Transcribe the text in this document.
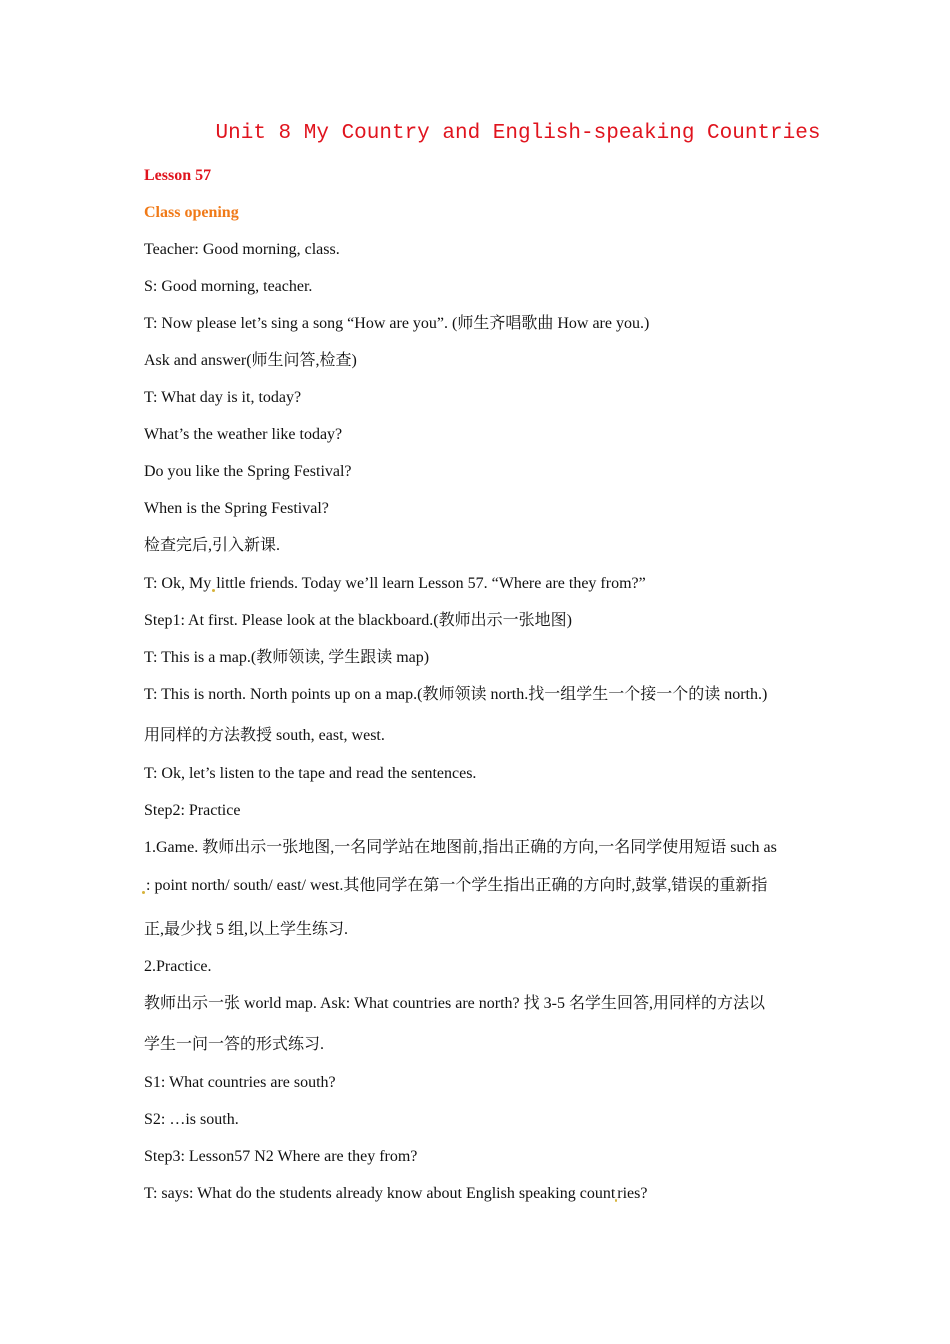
Unit 8 My Country and English-speaking Countries

Lesson 57

Class opening

Teacher: Good morning, class.

S: Good morning, teacher.

T: Now please let’s sing a song “How are you”. (师生齐唱歌曲 How are you.)

Ask and answer(师生问答,检查)

T: What day is it, today?

What’s the weather like today?

Do you like the Spring Festival?

When is the Spring Festival?

检查完后,引入新课.

T: Ok, My little friends. Today we’ll learn Lesson 57. “Where are they from?”

Step1: At first. Please look at the blackboard.(教师出示一张地图)

T: This is a map.(教师领读, 学生跟读 map)

T: This is north. North points up on a map.(教师领读 north.找一组学生一个接一个的读 north.)

用同样的方法教授 south, east, west.

T: Ok, let’s listen to the tape and read the sentences.

Step2: Practice

1.Game. 教师出示一张地图,一名同学站在地图前,指出正确的方向,一名同学使用短语 such as

: point north/ south/ east/ west.其他同学在第一个学生指出正确的方向时,鼓掌,错误的重新指

正,最少找 5 组,以上学生练习.

2.Practice.

教师出示一张 world map. Ask: What countries are north? 找 3-5 名学生回答,用同样的方法以

学生一问一答的形式练习.

S1: What countries are south?

S2: …is south.

Step3: Lesson57 N2 Where are they from?

T: says: What do the students already know about English speaking count ries?
